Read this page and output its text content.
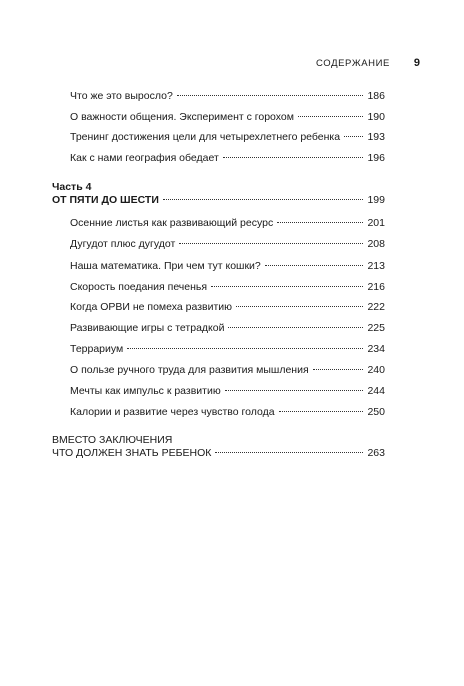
СОДЕРЖАНИЕ 9
Что же это выросло?	186
О важности общения. Эксперимент с горохом	190
Тренинг достижения цели для четырехлетнего ребенка	193
Как с нами география обедает	196
Часть 4
ОТ ПЯТИ ДО ШЕСТИ	199
Осенние листья как развивающий ресурс	201
Дугудот плюс дугудот	208
Наша математика. При чем тут кошки?	213
Скорость поедания печенья	216
Когда ОРВИ не помеха развитию	222
Развивающие игры с тетрадкой	225
Террариум	234
О пользе ручного труда для развития мышления	240
Мечты как импульс к развитию	244
Калории и развитие через чувство голода	250
ВМЕСТО ЗАКЛЮЧЕНИЯ
ЧТО ДОЛЖЕН ЗНАТЬ РЕБЕНОК	263
